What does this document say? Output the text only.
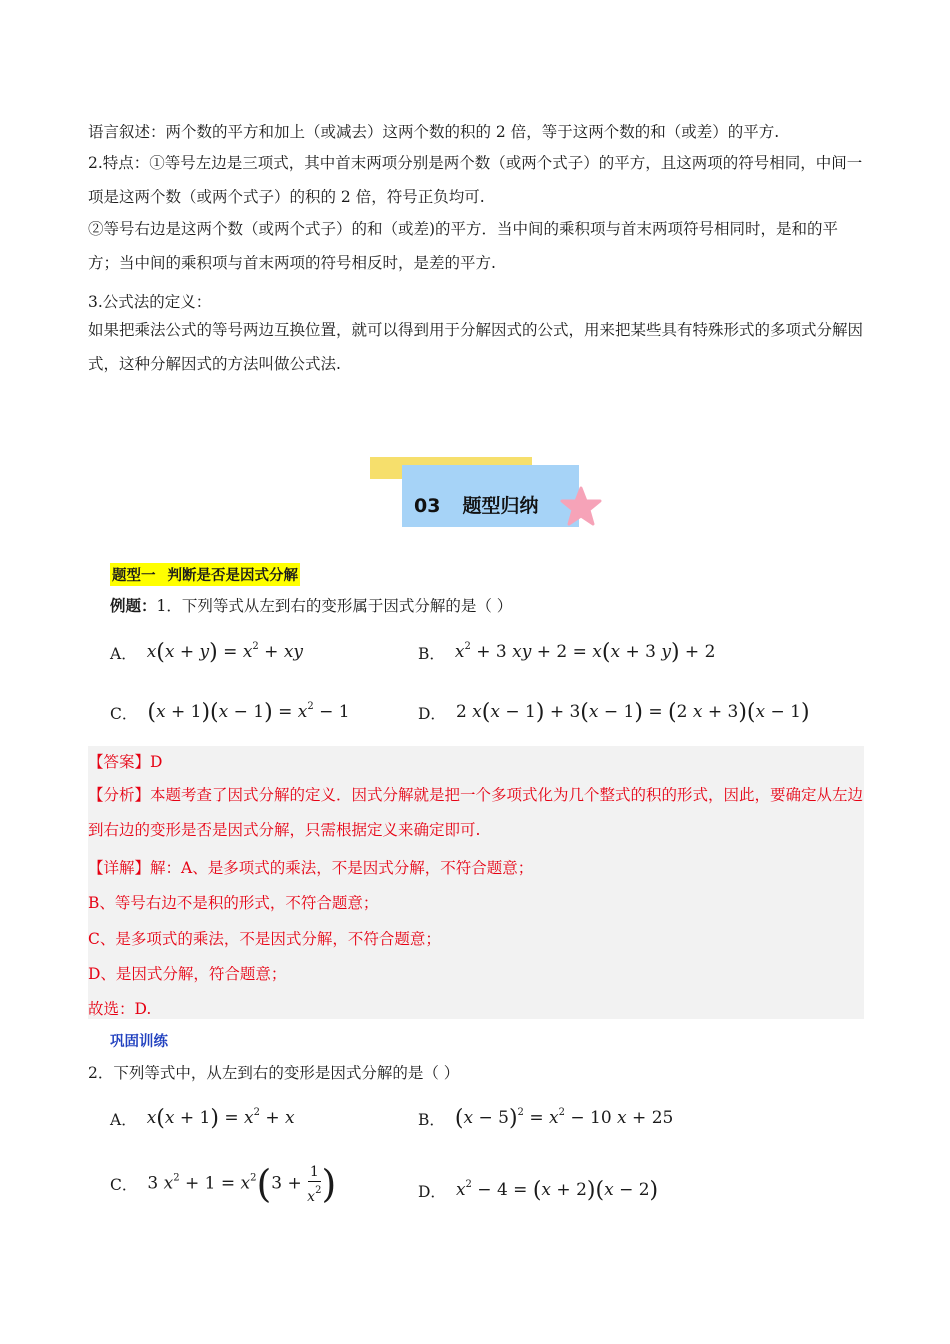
语言叙述：两个数的平方和加上（或减去）这两个数的积的 2 倍，等于这两个数的和（或差）的平方.
2.特点：①等号左边是三项式，其中首末两项分别是两个数（或两个式子）的平方，且这两项的符号相同，中间一项是这两个数（或两个式子）的积的 2 倍，符号正负均可.
②等号右边是这两个数（或两个式子）的和（或差)的平方．当中间的乘积项与首末两项符号相同时，是和的平方；当中间的乘积项与首末两项的符号相反时，是差的平方.
3.公式法的定义：
如果把乘法公式的等号两边互换位置，就可以得到用于分解因式的公式，用来把某些具有特殊形式的多项式分解因式，这种分解因式的方法叫做公式法.
03 题型归纳
题型一 判断是否是因式分解
例题：1．下列等式从左到右的变形属于因式分解的是（ ）
A． $x(x + y) = x^2$ + xy	B． $x^2 + 3$ xy + 2 = x(x + 3 y) + 2
C． $(x + 1)(x - 1) = x^2 - 1$	D． 2 x(x − 1) + 3(x − 1) = (2 x + 3)(x − 1)
【答案】D
【分析】本题考查了因式分解的定义．因式分解就是把一个多项式化为几个整式的积的形式，因此，要确定从左边到右边的变形是否是因式分解，只需根据定义来确定即可.
【详解】解：A、是多项式的乘法，不是因式分解，不符合题意；
B、等号右边不是积的形式，不符合题意；
C、是多项式的乘法，不是因式分解，不符合题意；
D、是因式分解，符合题意；
故选：D.
巩固训练
2．下列等式中，从左到右的变形是因式分解的是（ ）
A． $x(x + 1) = x^2 + x$	B． $(x - 5)^2 = x^2 - 10$ x + 25
C． 3 $x^2 + 1 = x^2(3 + \frac{1}{x^2}$ )	D． $x^2 - 4 = (x + 2)(x - 2)$
